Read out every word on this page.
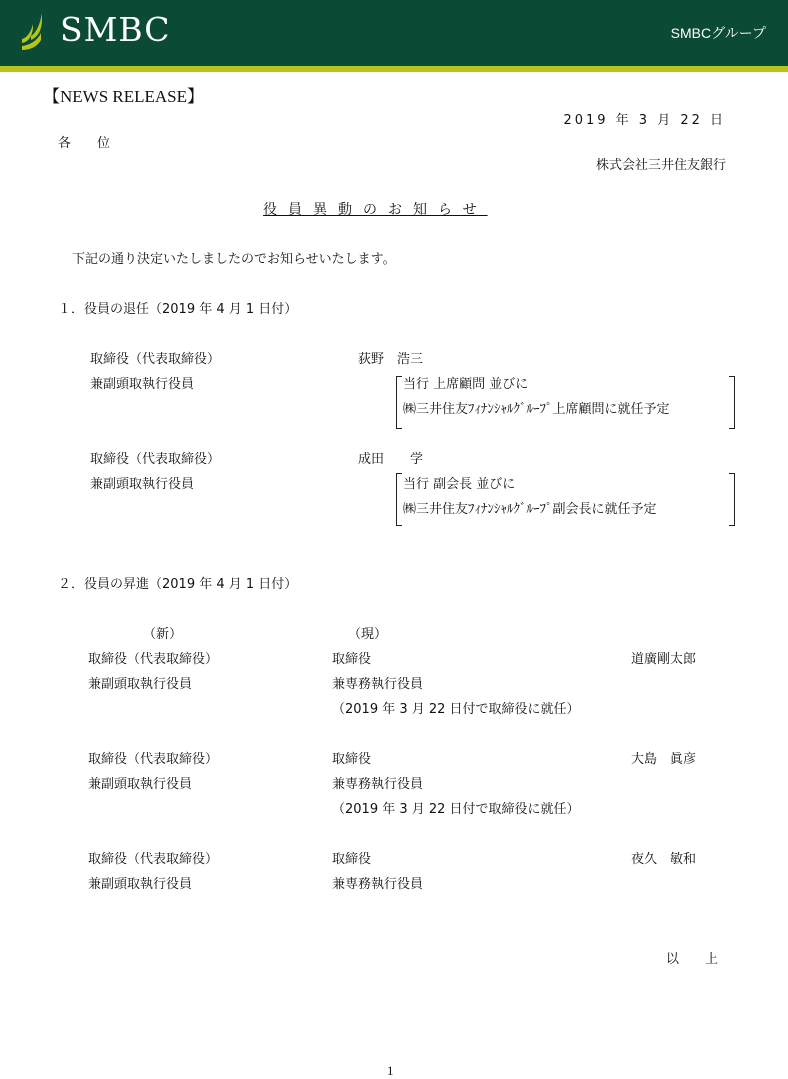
SMBC	SMBCグループ
【NEWS RELEASE】
2019 年 3 月 22 日
各　　位
株式会社三井住友銀行
役員異動のお知らせ
下記の通り決定いたしましたのでお知らせいたします。
１．役員の退任（2019 年 4 月 1 日付）
取締役（代表取締役）
兼副頭取執行役員
荻野　浩三
当行 上席顧問 並びに
㈱三井住友ﾌｨﾅﾝｼｬﾙｸﾞﾙｰﾌﾟ上席顧問に就任予定
取締役（代表取締役）
兼副頭取執行役員
成田　　学
当行 副会長 並びに
㈱三井住友ﾌｨﾅﾝｼｬﾙｸﾞﾙｰﾌﾟ副会長に就任予定
２．役員の昇進（2019 年 4 月 1 日付）
（新）	（現）
取締役（代表取締役）
兼副頭取執行役員
取締役
兼専務執行役員
（2019 年 3 月 22 日付で取締役に就任）
道廣剛太郎
取締役（代表取締役）
兼副頭取執行役員
取締役
兼専務執行役員
（2019 年 3 月 22 日付で取締役に就任）
大島　眞彦
取締役（代表取締役）
兼副頭取執行役員
取締役
兼専務執行役員
夜久　敏和
以　　上
1
